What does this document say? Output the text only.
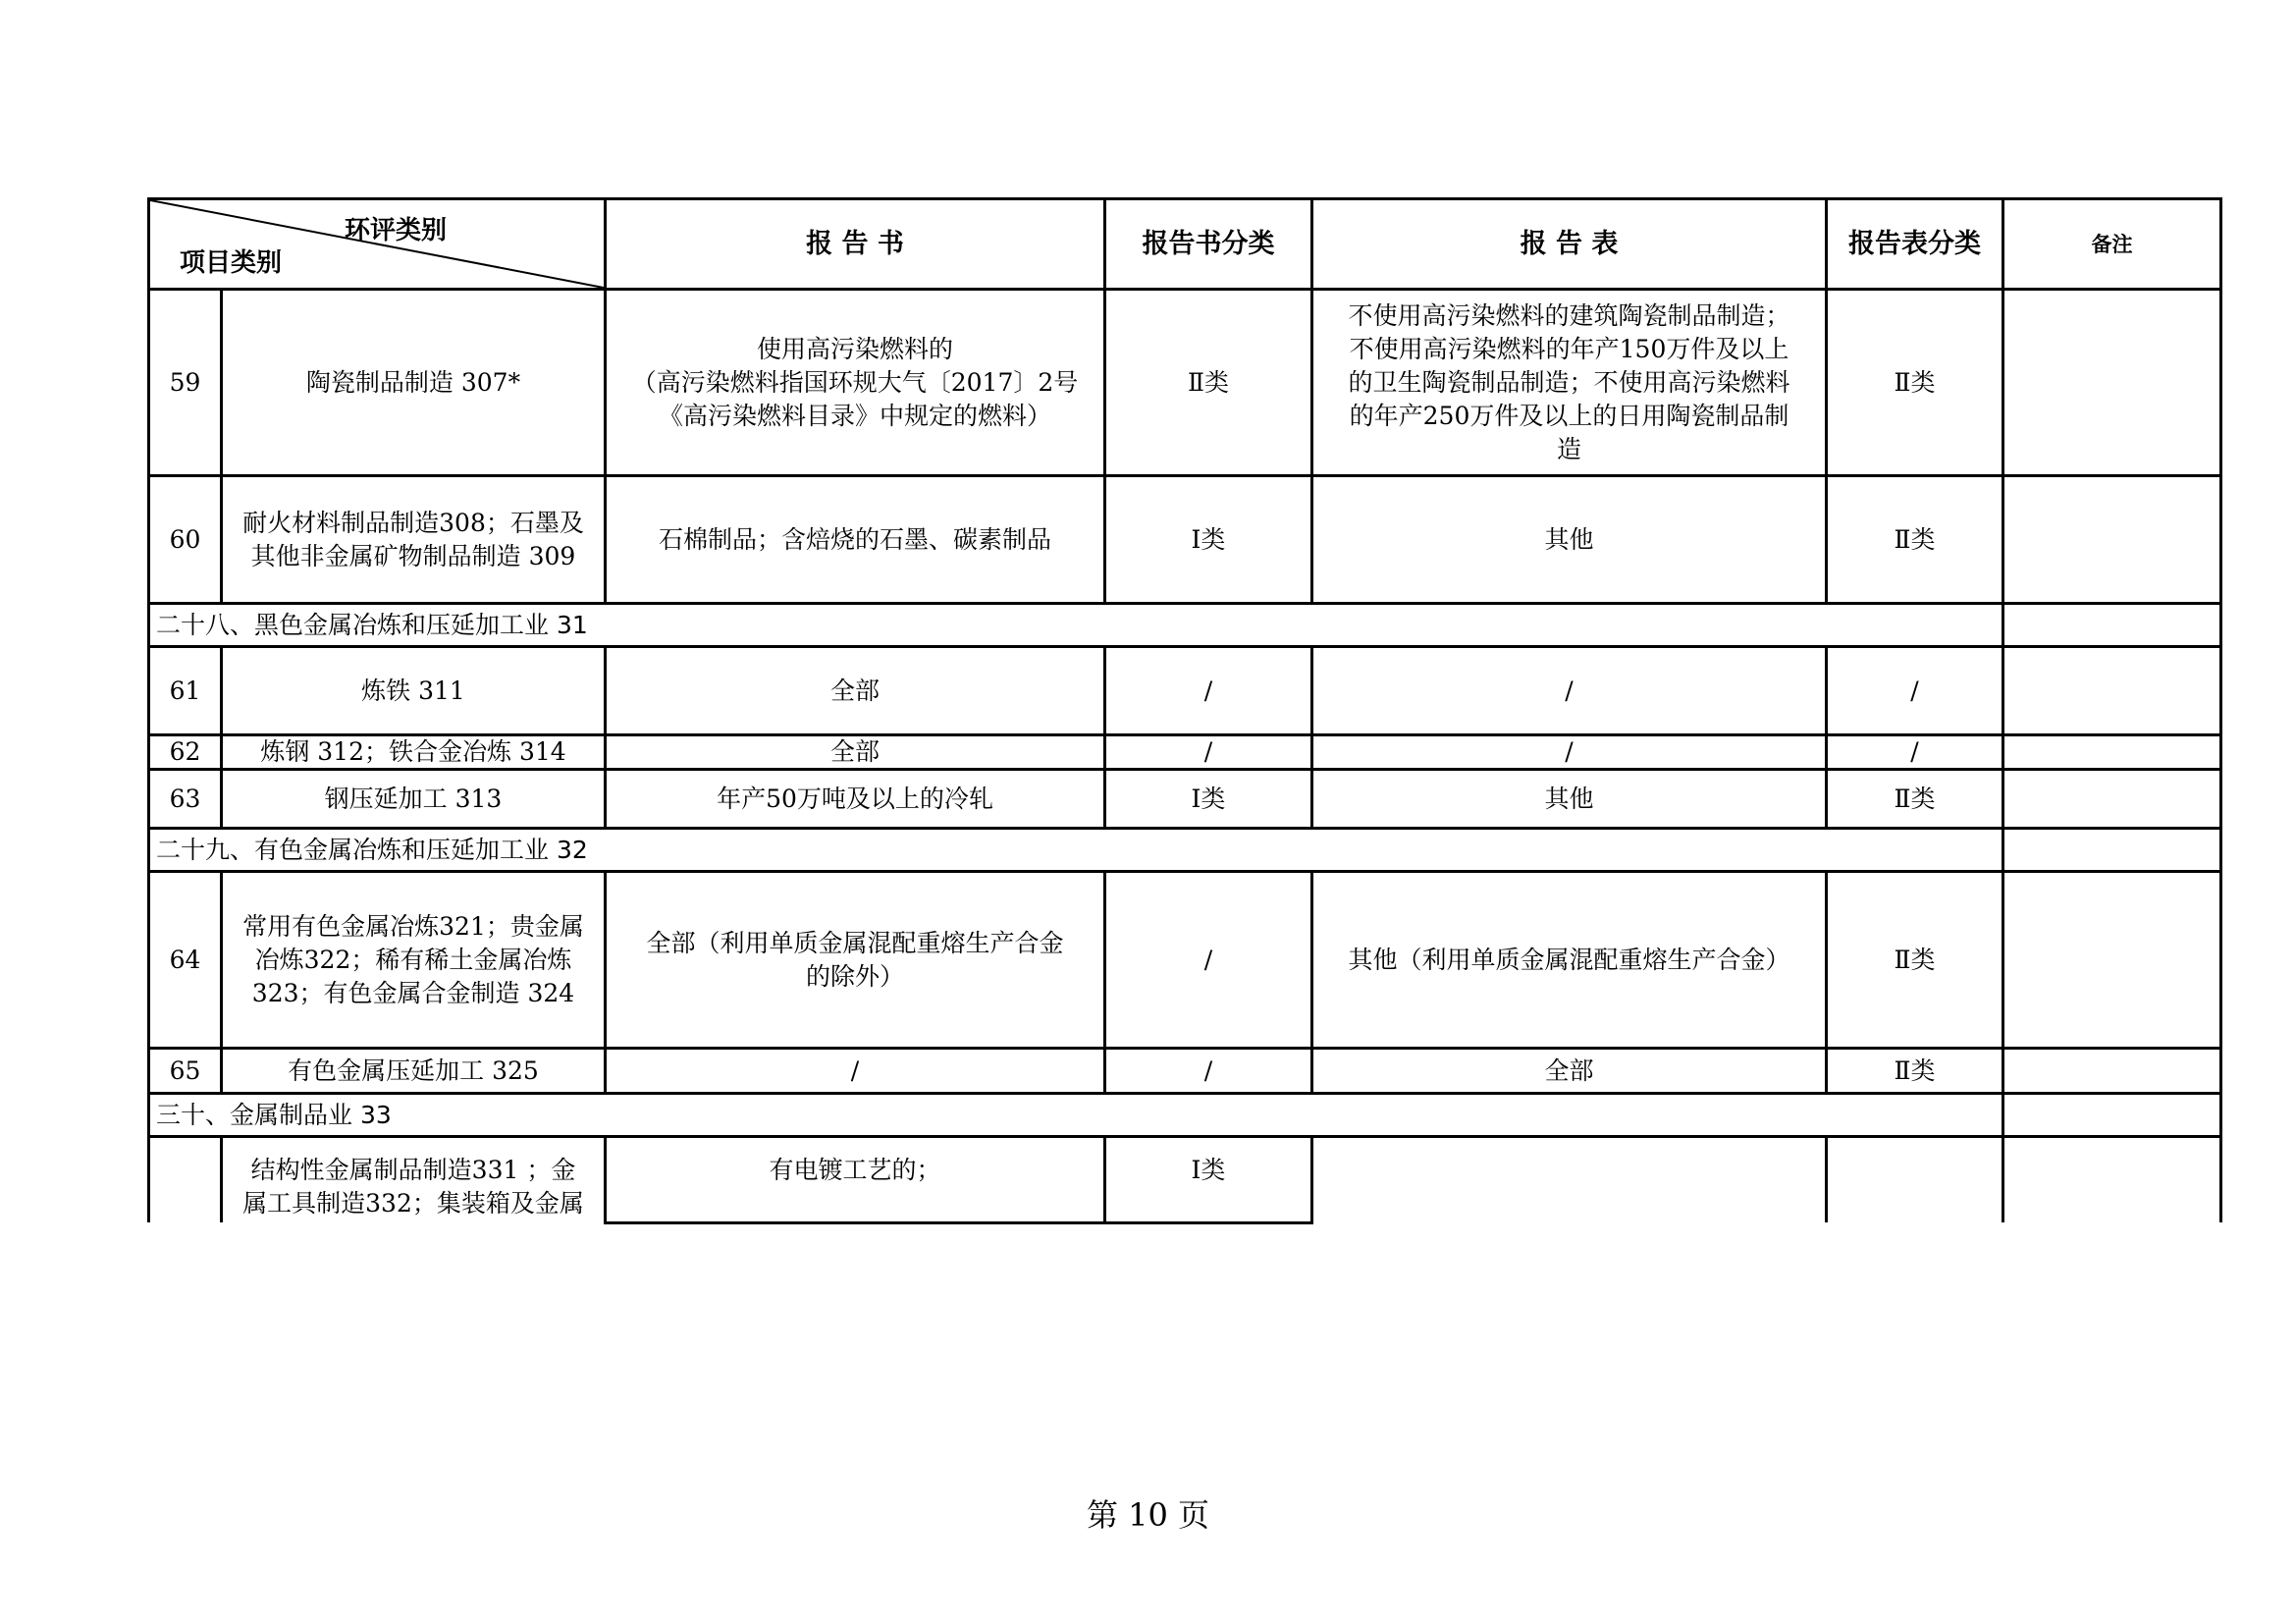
环评类别
项目类别		报 告 书	报告书分类	报 告 表	报告表分类	备注
59	陶瓷制品制造 307*	使用高污染燃料的
（高污染燃料指国环规大气〔2017〕2号
《高污染燃料目录》中规定的燃料）	Ⅱ类	不使用高污染燃料的建筑陶瓷制品制造；
不使用高污染燃料的年产150万件及以上
的卫生陶瓷制品制造；不使用高污染燃料
的年产250万件及以上的日用陶瓷制品制
造	Ⅱ类	
60	耐火材料制品制造308；石墨及
其他非金属矿物制品制造 309	石棉制品；含焙烧的石墨、碳素制品	Ⅰ类	其他	Ⅱ类	
二十八、黑色金属冶炼和压延加工业 31						
61	炼铁 311	全部	/	/	/	
62	炼钢 312；铁合金冶炼 314	全部	/	/	/	
63	钢压延加工 313	年产50万吨及以上的冷轧	Ⅰ类	其他	Ⅱ类	
二十九、有色金属冶炼和压延加工业 32						
64	常用有色金属冶炼321；贵金属
冶炼322；稀有稀土金属冶炼
323；有色金属合金制造 324	全部（利用单质金属混配重熔生产合金
的除外）	/	其他（利用单质金属混配重熔生产合金）	Ⅱ类	
65	有色金属压延加工 325	/	/	全部	Ⅱ类	
三十、金属制品业 33						
	结构性金属制品制造331 ；金
属工具制造332；集装箱及金属	有电镀工艺的；	Ⅰ类			
第 10 页
